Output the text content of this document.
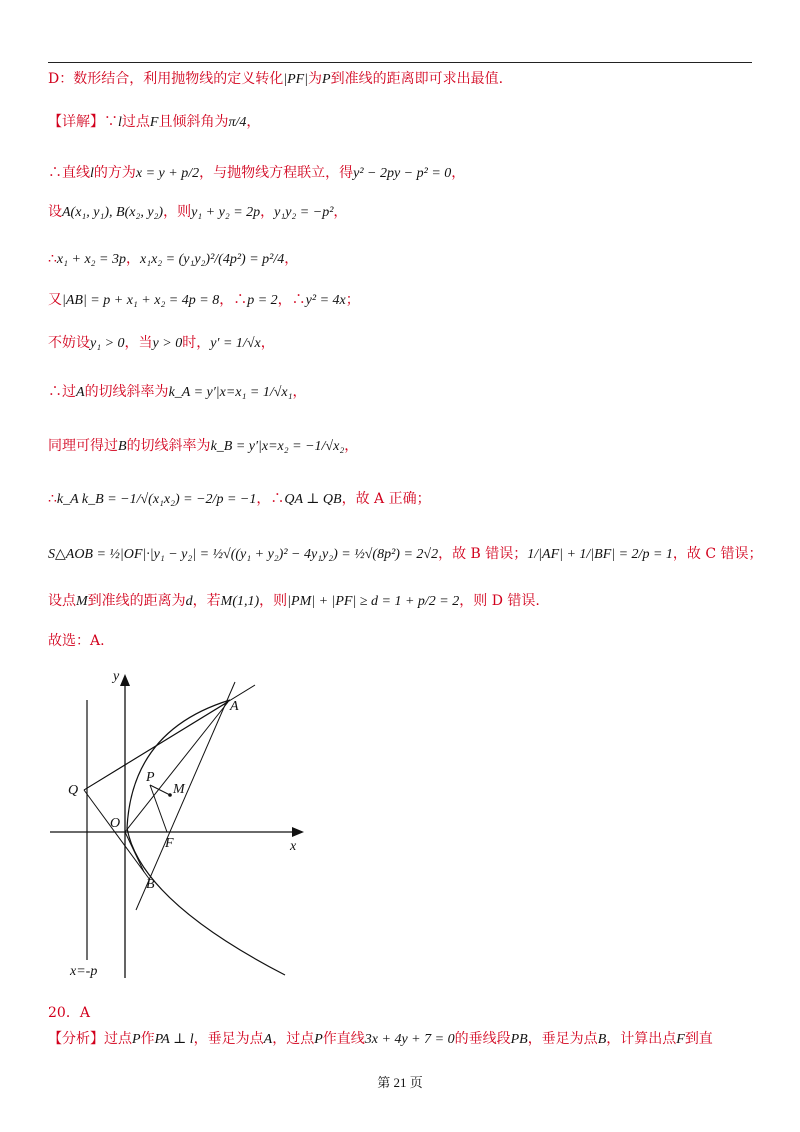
D：数形结合，利用抛物线的定义转化|PF|为P到准线的距离即可求出最值.
【详解】∵l过点F且倾斜角为π/4，
∴直线l的方为x = y + p/2，与抛物线方程联立，得y² − 2py − p² = 0，
设A(x₁, y₁), B(x₂, y₂)，则y₁ + y₂ = 2p，y₁y₂ = −p²，
∴x₁ + x₂ = 3p，x₁x₂ = (y₁y₂)²/(4p²) = p²/4，
又|AB| = p + x₁ + x₂ = 4p = 8，∴p = 2，∴y² = 4x；
不妨设y₁ > 0，当y > 0时，y′ = 1/√x，
∴过A的切线斜率为k_A = y′|x=x₁ = 1/√x₁，
同理可得过B的切线斜率为k_B = y′|x=x₂ = −1/√x₂，
∴k_A k_B = −1/√(x₁x₂) = −2/p = −1，∴QA ⊥ QB，故 A 正确；
S△AOB = ½|OF|·|y₁ − y₂| = ½√((y₁ + y₂)² − 4y₁y₂) = ½√(8p²) = 2√2，故 B 错误；1/|AF| + 1/|BF| = 2/p = 1，故 C 错误；
设点M到准线的距离为d，若M(1,1)，则|PM| + |PF| ≥ d = 1 + p/2 = 2，则 D 错误.
故选：A.
y
x
O
A
B
P
M
F
Q
x=-p
20．A
【分析】过点P作PA ⊥ l，垂足为点A，过点P作直线3x + 4y + 7 = 0的垂线段PB，垂足为点B，计算出点F到直
第 21 页
